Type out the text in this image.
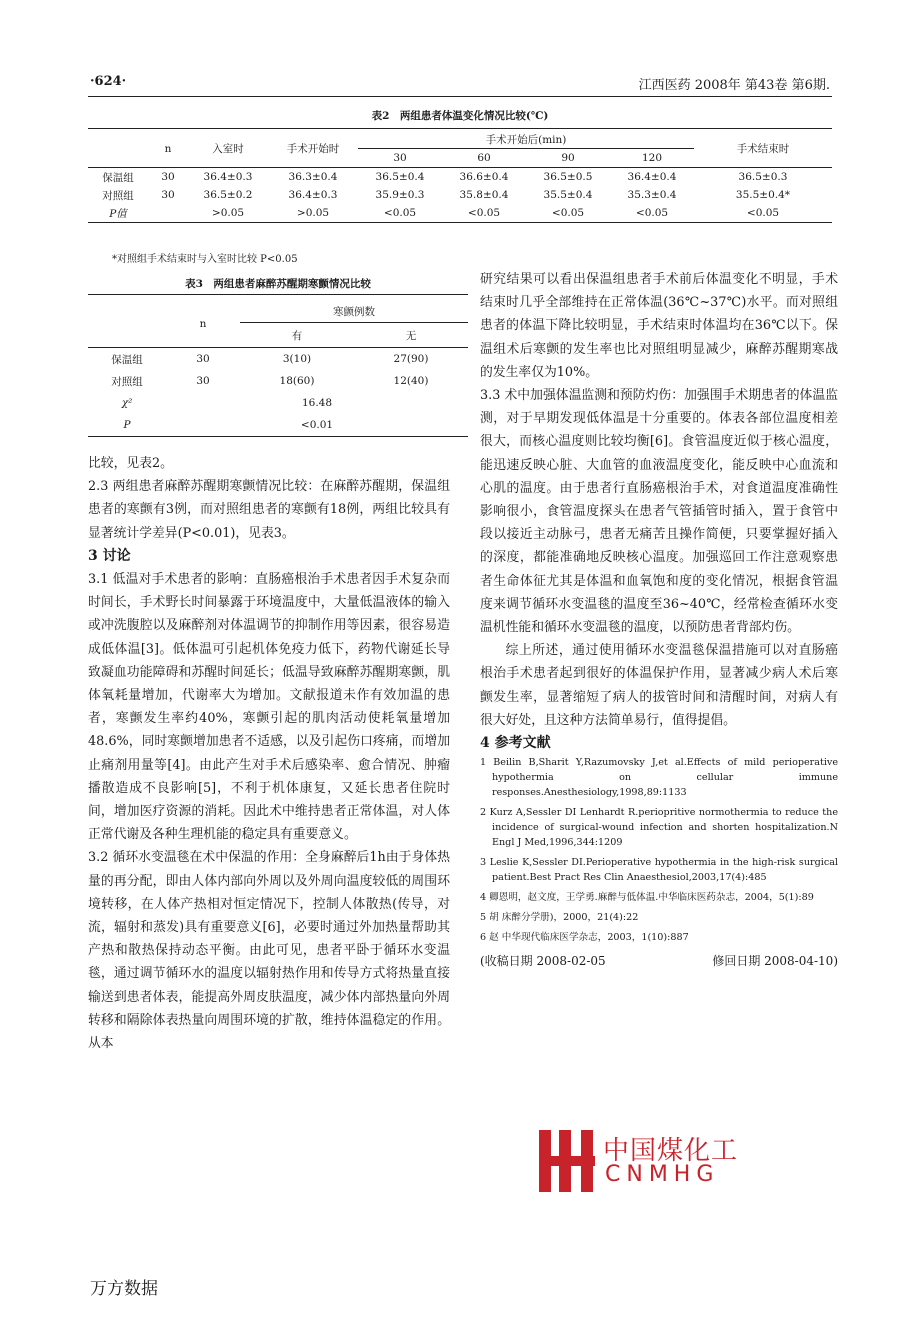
·624·	江西医药 2008年 第43卷 第6期.
表2　两组患者体温变化情况比较(℃)
	n	入室时	手术开始时	手术开始后(min)				手术结束时
				30	60	90	120	
保温组	30	36.4±0.3	36.3±0.4	36.5±0.4	36.6±0.4	36.5±0.5	36.4±0.4	36.5±0.3
对照组	30	36.5±0.2	36.4±0.3	35.9±0.3	35.8±0.4	35.5±0.4	35.3±0.4	35.5±0.4*
P值		>0.05	>0.05	<0.05	<0.05	<0.05	<0.05	<0.05
*对照组手术结束时与入室时比较 P<0.05
表3　两组患者麻醉苏醒期寒颤情况比较
	n	寒颤例数	
		有	无
保温组	30	3(10)	27(90)
对照组	30	18(60)	12(40)
χ²	16.48		
P	<0.01		

比较，见表2。

2.3 两组患者麻醉苏醒期寒颤情况比较：在麻醉苏醒期，保温组患者的寒颤有3例，而对照组患者的寒颤有18例，两组比较具有显著统计学差异(P<0.01)，见表3。

3 讨论

3.1 低温对手术患者的影响：直肠癌根治手术患者因手术复杂而时间长，手术野长时间暴露于环境温度中，大量低温液体的输入或冲洗腹腔以及麻醉剂对体温调节的抑制作用等因素，很容易造成低体温[3]。低体温可引起机体免疫力低下，药物代谢延长导致凝血功能障碍和苏醒时间延长；低温导致麻醉苏醒期寒颤，肌体氧耗量增加，代谢率大为增加。文献报道未作有效加温的患者，寒颤发生率约40%，寒颤引起的肌肉活动使耗氧量增加48.6%，同时寒颤增加患者不适感，以及引起伤口疼痛，而增加止痛剂用量等[4]。由此产生对手术后感染率、愈合情况、肿瘤播散造成不良影响[5]，不利于机体康复，又延长患者住院时间，增加医疗资源的消耗。因此术中维持患者正常体温，对人体正常代谢及各种生理机能的稳定具有重要意义。

3.2 循环水变温毯在术中保温的作用：全身麻醉后1h由于身体热量的再分配，即由人体内部向外周以及外周向温度较低的周围环境转移，在人体产热相对恒定情况下，控制人体散热(传导，对流，辐射和蒸发)具有重要意义[6]，必要时通过外加热量帮助其产热和散热保持动态平衡。由此可见，患者平卧于循环水变温毯，通过调节循环水的温度以辐射热作用和传导方式将热量直接输送到患者体表，能提高外周皮肤温度，减少体内部热量向外周转移和隔除体表热量向周围环境的扩散，维持体温稳定的作用。从本

研究结果可以看出保温组患者手术前后体温变化不明显，手术结束时几乎全部维持在正常体温(36℃~37℃)水平。而对照组患者的体温下降比较明显，手术结束时体温均在36℃以下。保温组术后寒颤的发生率也比对照组明显减少，麻醉苏醒期寒战的发生率仅为10%。

3.3 术中加强体温监测和预防灼伤：加强围手术期患者的体温监测，对于早期发现低体温是十分重要的。体表各部位温度相差很大，而核心温度则比较均衡[6]。食管温度近似于核心温度，能迅速反映心脏、大血管的血液温度变化，能反映中心血流和心肌的温度。由于患者行直肠癌根治手术，对食道温度准确性影响很小，食管温度探头在患者气管插管时插入，置于食管中段以接近主动脉弓，患者无痛苦且操作简便，只要掌握好插入的深度，都能准确地反映核心温度。加强巡回工作注意观察患者生命体征尤其是体温和血氧饱和度的变化情况，根据食管温度来调节循环水变温毯的温度至36~40℃，经常检查循环水变温机性能和循环水变温毯的温度，以预防患者背部灼伤。

综上所述，通过使用循环水变温毯保温措施可以对直肠癌根治手术患者起到很好的体温保护作用，显著减少病人术后寒颤发生率，显著缩短了病人的拔管时间和清醒时间，对病人有很大好处，且这种方法简单易行，值得提倡。

4 参考文献

1 Beilin B,Sharit Y,Razumovsky J,et al.Effects of mild perioperative hypothermia on cellular immune responses.Anesthesiology,1998,89:1133

2 Kurz A,Sessler DI Lenhardt R.periopritive normothermia to reduce the incidence of surgical-wound infection and shorten hospitalization.N Engl J Med,1996,344:1209

3 Leslie K,Sessler DI.Perioperative hypothermia in the high-risk surgical patient.Best Pract Res Clin Anaesthesiol,2003,17(4):485

4 卿恩明，赵文度，王学勇.麻醉与低体温.中华临床医药杂志，2004，5(1):89

5 胡 床醉分学册)，2000，21(4):22

6 赵 中华现代临床医学杂志，2003，1(10):887

(收稿日期 2008-02-05	修回日期 2008-04-10)
中国煤化工
CNMHG
万方数据
